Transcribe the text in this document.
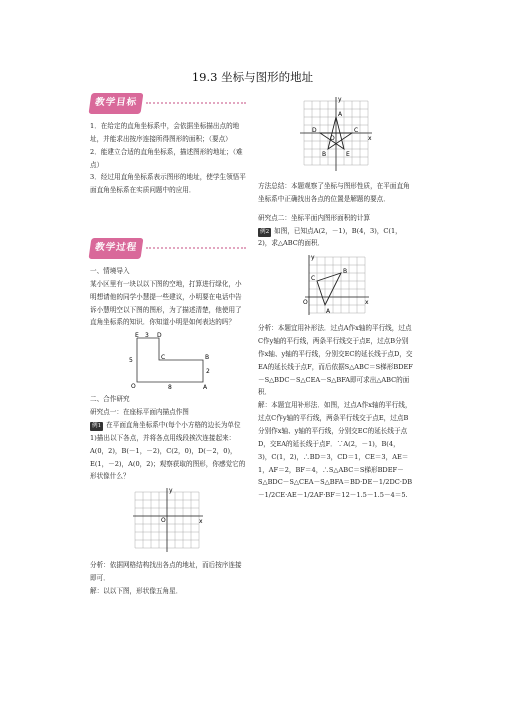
19.3 坐标与图形的地址
教学目标

1．在给定的直角坐标系中，会依据坐标描出点的地址，并能求出按序连接所得图形的面积；（要点）

2．能建立合适的直角坐标系，描述图形的地址；（难点）

3．经过用直角坐标系表示图形的地址，使学生领悟平面直角坐标系在实质问题中的应用．

教学过程

一、情境导入

某小区里有一块以以下图的空地，打算进行绿化，小明想请他的同学小慧提一些建议，小明要在电话中告诉小慧明空以下图的图形，为了描述清楚，他使用了直角坐标系的知识．你知道小明是如何表达的吗？

E 3 D
5	C
2
B
O	8	A

二、合作研究

研究点一：在座标平面内描点作图

例1 在平面直角坐标系中(每个小方格的边长为单位1)描出以下各点，并将各点用线段挨次连接起来：A(0，2)，B(－1，－2)，C(2，0)，D(－2，0)，E(1，－2)，A(0，2)；观察获取的图形，你感觉它的形状像什么？

y
x
O

分析：依据网格结构找出各点的地址，而后按序连接即可．

解：以以下图，形状像五角星．

y
x
O
A
B
C
D
E

方法总结：本题观察了坐标与图形性质，在平面直角坐标系中正确找出各点的位置是解题的要点．

研究点二：坐标平面内图形面积的计算

例2 如图，已知点A(2，－1)，B(4，3)，C(1，2)，求△ABC的面积．

y
x
O
A
B
C

分析：本题宜用补形法．过点A作x轴的平行线，过点C作y轴的平行线，两条平行线交于点E，过点B分别作x轴、y轴的平行线，分别交EC的延长线于点D，交EA的延长线于点F，而后依据S△ABC＝S梯形BDEF－S△BDC－S△CEA－S△BFA即可求出△ABC的面积．

解：本题宜用补形法．如图，过点A作x轴的平行线，过点C作y轴的平行线，两条平行线交于点E，过点B分别作x轴、y轴的平行线，分别交EC的延长线于点D，交EA的延长线于点F．∵A(2，－1)，B(4，3)，C(1，2)，∴BD＝3，CD＝1，CE＝3，AE＝1，AF＝2，BF＝4，∴S△ABC＝S梯形BDEF－S△BDC－S△CEA－S△BFA＝BD·DE－1/2DC·DB－1/2CE·AE－1/2AF·BF＝12－1.5－1.5－4＝5.
